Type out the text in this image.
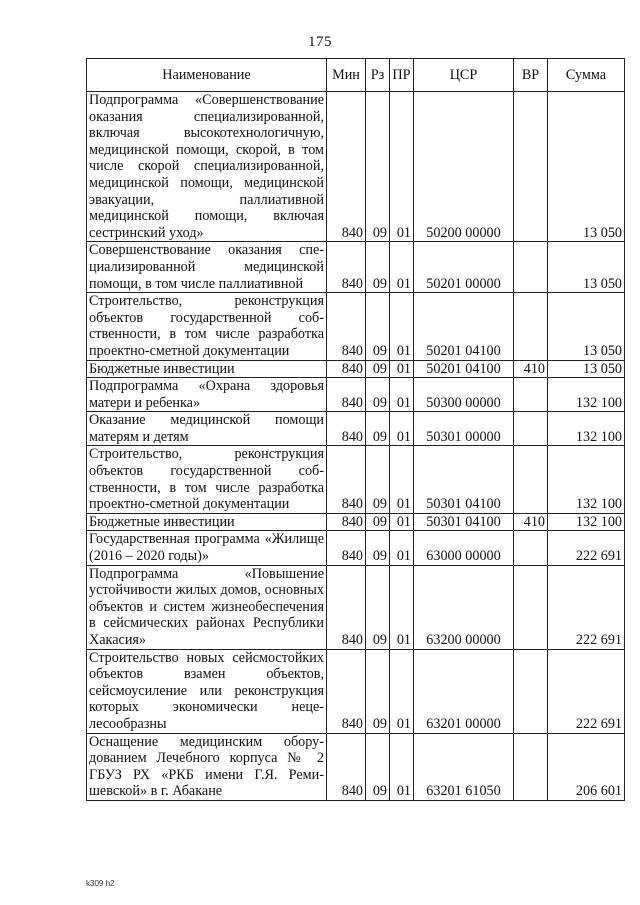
175
Наименование	Мин	Рз	ПР	ЦСР	ВР	Сумма
Подпрограмма «Совершенствование оказания специализированной, включая высокотехнологичную, медицинской помощи, скорой, в том числе скорой специализированной, медицинской помощи, медицинской эвакуации, паллиативной медицинской помощи, включая сестринский уход»	840	09	01	50200 00000		13 050
Совершенствование оказания специализированной медицинской помощи, в том числе паллиативной	840	09	01	50201 00000		13 050
Строительство, реконструкция объектов государственной собственности, в том числе разработка проектно-сметной документации	840	09	01	50201 04100		13 050
Бюджетные инвестиции	840	09	01	50201 04100	410	13 050
Подпрограмма «Охрана здоровья матери и ребенка»	840	09	01	50300 00000		132 100
Оказание медицинской помощи матерям и детям	840	09	01	50301 00000		132 100
Строительство, реконструкция объектов государственной собственности, в том числе разработка проектно-сметной документации	840	09	01	50301 04100		132 100
Бюджетные инвестиции	840	09	01	50301 04100	410	132 100
Государственная программа «Жилище (2016 – 2020 годы)»	840	09	01	63000 00000		222 691
Подпрограмма «Повышение устойчивости жилых домов, основных объектов и систем жизнеобеспечения в сейсмических районах Республики Хакасия»	840	09	01	63200 00000		222 691
Строительство новых сейсмостойких объектов взамен объектов, сейсмоусиление или реконструкция которых экономически нецелесообразны	840	09	01	63201 00000		222 691
Оснащение медицинским оборудованием Лечебного корпуса № 2 ГБУЗ РХ «РКБ имени Г.Я. Ремишевской» в г. Абакане	840	09	01	63201 61050		206 601
k309 h2
